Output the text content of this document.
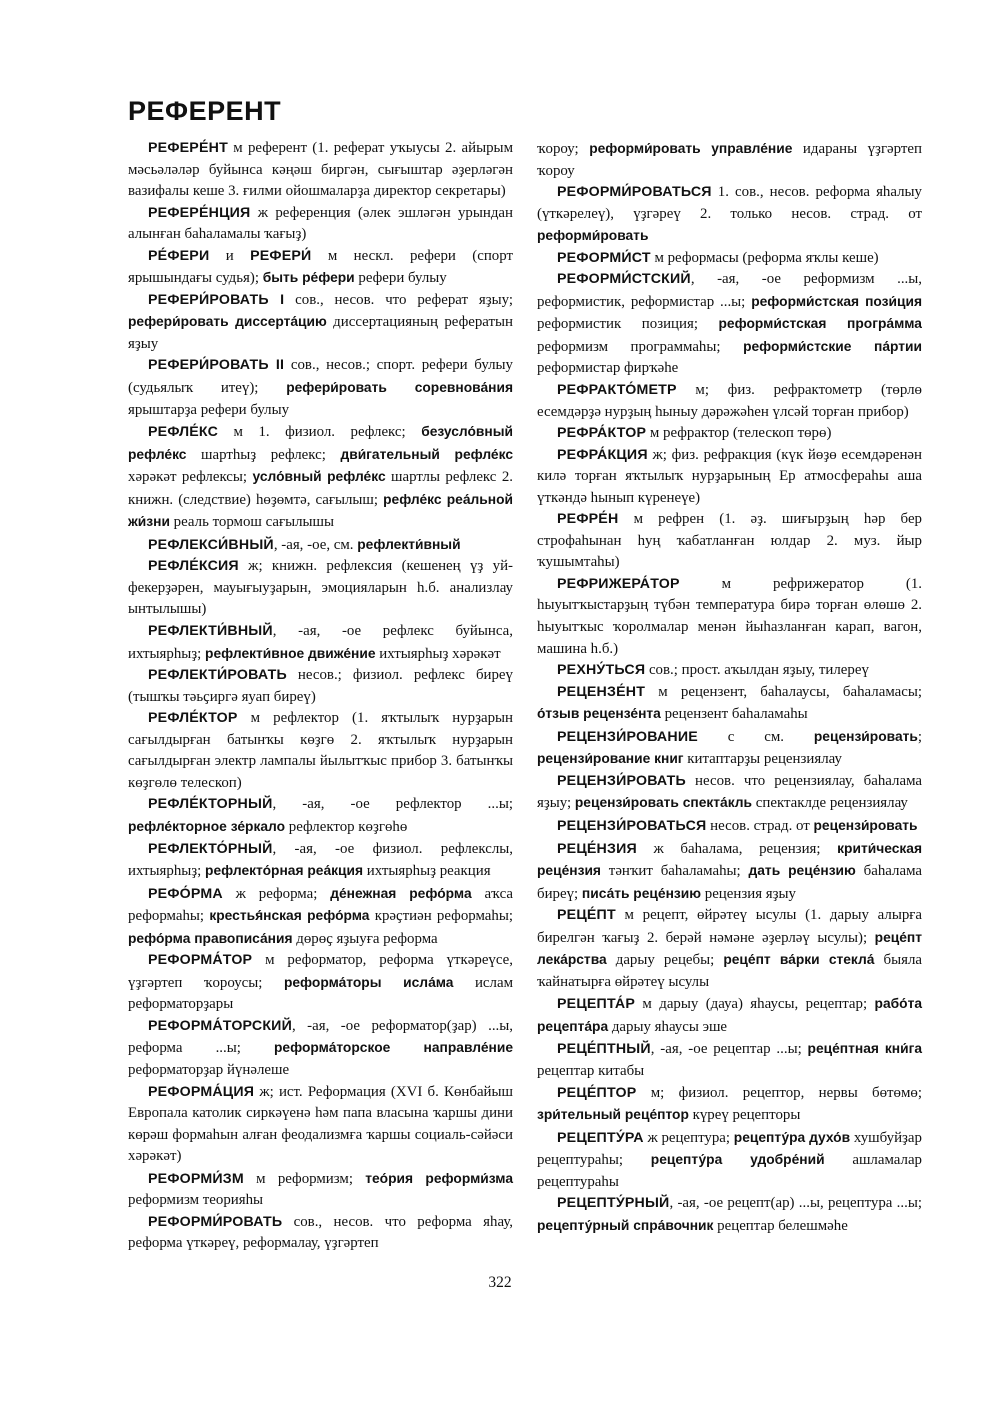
РЕФЕРЕНТ

РЕФЕРЕ́НТ м референт (1. реферат уҡыусы 2. айырым мәсьәләләр буйынса кәңәш биргән, сығыштар әҙерләгән вазифалы кеше 3. ғилми ойошмаларҙа директор секретары)

РЕФЕРЕ́НЦИЯ ж референция (әлек эшләгән урындан алынған баһаламалы ҡағыҙ)

РЕ́ФЕРИ и РЕФЕРИ́ м нескл. рефери (спорт ярышындағы судья); быть ре́фери рефери булыу

РЕФЕРИ́РОВАТЬ I сов., несов. что реферат яҙыу; рефери́ровать диссерта́цию диссертацияның рефератын яҙыу

РЕФЕРИ́РОВАТЬ II сов., несов.; спорт. рефери булыу (судьялыҡ итеү); рефери́ровать соревнова́ния ярыштарҙа рефери булыу

РЕФЛЕ́КС м 1. физиол. рефлекс; безусло́вный рефле́кс шартһыҙ рефлекс; дви́гательный рефле́кс хәрәкәт рефлексы; усло́вный рефле́кс шартлы рефлекс 2. книжн. (следствие) һөҙөмтә, сағылыш; рефле́кс реа́льной жи́зни реаль тормош сағылышы

РЕФЛЕКСИ́ВНЫЙ, -ая, -ое, см. рефлекти́вный

РЕФЛЕ́КСИЯ ж; книжн. рефлексия (кешенең үҙ уй-фекерҙәрен, мауығыуҙарын, эмоцияларын һ.б. анализлау ынтылышы)

РЕФЛЕКТИ́ВНЫЙ, -ая, -ое рефлекс буйынса, ихтыярһыҙ; рефлекти́вное движе́ние ихтыярһыҙ хәрәкәт

РЕФЛЕКТИ́РОВАТЬ несов.; физиол. рефлекс биреү (тышҡы тәьҫиргә яуап биреү)

РЕФЛЕ́КТОР м рефлектор (1. яҡтылыҡ нурҙарын сағылдырған батынҡы көҙгө 2. яҡтылыҡ нурҙарын сағылдырған электр лампалы йылытҡыс прибор 3. батынҡы көҙгөлө телескоп)

РЕФЛЕ́КТОРНЫЙ, -ая, -ое рефлектор ...ы; рефле́кторное зе́ркало рефлектор көҙгөһө

РЕФЛЕКТО́РНЫЙ, -ая, -ое физиол. рефлекслы, ихтыярһыҙ; рефлекто́рная реа́кция ихтыярһыҙ реакция

РЕФО́РМА ж реформа; де́нежная рефо́рма аҡса реформаһы; крестья́нская рефо́рма крәҫтиән реформаһы; рефо́рма правописа́ния дөрөҫ яҙыуға реформа

РЕФОРМА́ТОР м реформатор, реформа үткәреүсе, үҙгәртеп ҡороусы; реформа́торы исла́ма ислам реформаторҙары

РЕФОРМА́ТОРСКИЙ, -ая, -ое реформатор(ҙар) ...ы, реформа ...ы; реформа́торское направле́ние реформаторҙар йүнәлеше

РЕФОРМА́ЦИЯ ж; ист. Реформация (XVI б. Көнбайыш Европала католик сиркәүенә һәм папа власына ҡаршы дини көрәш формаһын алған феодализмға ҡаршы социаль-сәйәси хәрәкәт)

РЕФОРМИ́ЗМ м реформизм; тео́рия реформи́зма реформизм теорияһы

РЕФОРМИ́РОВАТЬ сов., несов. что реформа яһау, реформа үткәреү, реформалау, үҙгәртеп

ҡороу; реформи́ровать управле́ние идараны үҙгәртеп ҡороу

РЕФОРМИ́РОВАТЬСЯ 1. сов., несов. реформа яһалыу (үткәрелеү), үҙгәреү 2. только несов. страд. от реформи́ровать

РЕФОРМИ́СТ м реформасы (реформа яҡлы кеше)

РЕФОРМИ́СТСКИЙ, -ая, -ое реформизм ...ы, реформистик, реформистар ...ы; реформи́стская пози́ция реформистик позиция; реформи́стская програ́мма реформизм программаһы; реформи́стские па́ртии реформистар фирҡәһе

РЕФРАКТО́МЕТР м; физ. рефрактометр (төрлө есемдәрҙә нурҙың һыныу дәрәжәһен үлсәй торған прибор)

РЕФРА́КТОР м рефрактор (телескоп төрө)

РЕФРА́КЦИЯ ж; физ. рефракция (күк йөҙө есемдәренән килә торған яҡтылыҡ нурҙарының Ер атмосфераһы аша үткәндә һынып күренеүе)

РЕФРЕ́Н м рефрен (1. әҙ. шиғырҙың һәр бер строфаһынан һуң ҡабатланған юлдар 2. муз. йыр ҡушымтаһы)

РЕФРИЖЕРА́ТОР м рефрижератор (1. һыуытҡыстарҙың түбән температура бирә торған өлөшө 2. һыуытҡыс ҡоролмалар менән йыһазланған карап, вагон, машина һ.б.)

РЕХНУ́ТЬСЯ сов.; прост. аҡылдан яҙыу, тилереү

РЕЦЕНЗЕ́НТ м рецензент, баһалаусы, баһаламасы; о́тзыв рецензе́нта рецензент баһаламаһы

РЕЦЕНЗИ́РОВАНИЕ с см. рецензи́ровать; рецензи́рование книг китаптарҙы рецензиялау

РЕЦЕНЗИ́РОВАТЬ несов. что рецензиялау, баһалама яҙыу; рецензи́ровать спекта́кль спектаклде рецензиялау

РЕЦЕНЗИ́РОВАТЬСЯ несов. страд. от рецензи́ровать

РЕЦЕ́НЗИЯ ж баһалама, рецензия; крити́ческая реце́нзия тәнҡит баһаламаһы; дать реце́нзию баһалама биреү; писа́ть реце́нзию рецензия яҙыу

РЕЦЕ́ПТ м рецепт, өйрәтеү ысулы (1. дарыу алырға бирелгән ҡағыҙ 2. берәй нәмәне әҙерләү ысулы); реце́пт лека́рства дарыу рецебы; реце́пт ва́рки стекла́ быяла ҡайнатырға өйрәтеү ысулы

РЕЦЕПТА́Р м дарыу (дауа) яһаусы, рецептар; рабо́та рецепта́ра дарыу яһаусы эше

РЕЦЕ́ПТНЫЙ, -ая, -ое рецептар ...ы; реце́птная кни́га рецептар китабы

РЕЦЕ́ПТОР м; физиол. рецептор, нервы бөтөмө; зри́тельный реце́птор күреү рецепторы

РЕЦЕПТУ́РА ж рецептура; рецепту́ра духо́в хушбуйҙар рецептураһы; рецепту́ра удобре́ний ашламалар рецептураһы

РЕЦЕПТУ́РНЫЙ, -ая, -ое рецепт(ар) ...ы, рецептура ...ы; рецепту́рный спра́вочник рецептар белешмәһе

322
